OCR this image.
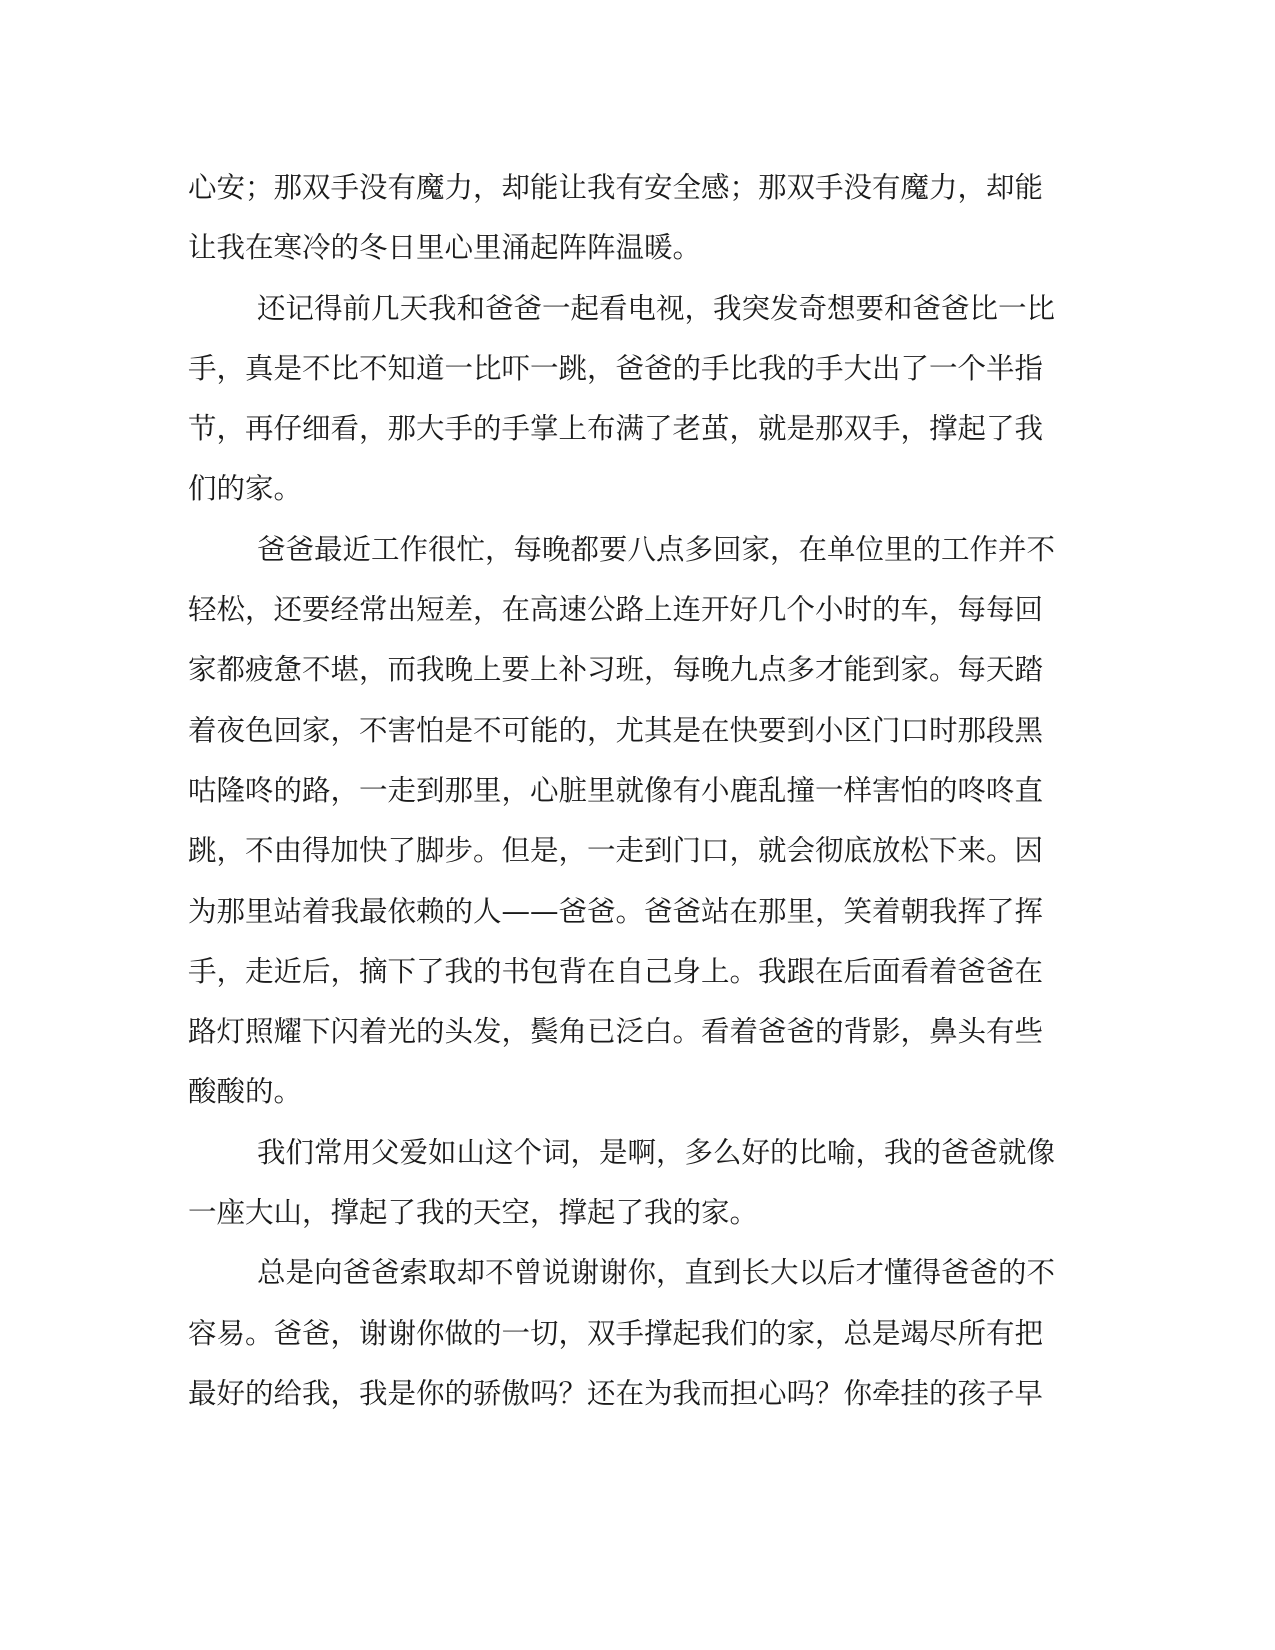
心安；那双手没有魔力，却能让我有安全感；那双手没有魔力，却能
让我在寒冷的冬日里心里涌起阵阵温暖。
还记得前几天我和爸爸一起看电视，我突发奇想要和爸爸比一比
手，真是不比不知道一比吓一跳，爸爸的手比我的手大出了一个半指
节，再仔细看，那大手的手掌上布满了老茧，就是那双手，撑起了我
们的家。
爸爸最近工作很忙，每晚都要八点多回家，在单位里的工作并不
轻松，还要经常出短差，在高速公路上连开好几个小时的车，每每回
家都疲惫不堪，而我晚上要上补习班，每晚九点多才能到家。每天踏
着夜色回家，不害怕是不可能的，尤其是在快要到小区门口时那段黑
咕隆咚的路，一走到那里，心脏里就像有小鹿乱撞一样害怕的咚咚直
跳，不由得加快了脚步。但是，一走到门口，就会彻底放松下来。因
为那里站着我最依赖的人——爸爸。爸爸站在那里，笑着朝我挥了挥
手，走近后，摘下了我的书包背在自己身上。我跟在后面看着爸爸在
路灯照耀下闪着光的头发，鬓角已泛白。看着爸爸的背影，鼻头有些
酸酸的。
我们常用父爱如山这个词，是啊，多么好的比喻，我的爸爸就像
一座大山，撑起了我的天空，撑起了我的家。
总是向爸爸索取却不曾说谢谢你，直到长大以后才懂得爸爸的不
容易。爸爸，谢谢你做的一切，双手撑起我们的家，总是竭尽所有把
最好的给我，我是你的骄傲吗？还在为我而担心吗？你牵挂的孩子早
